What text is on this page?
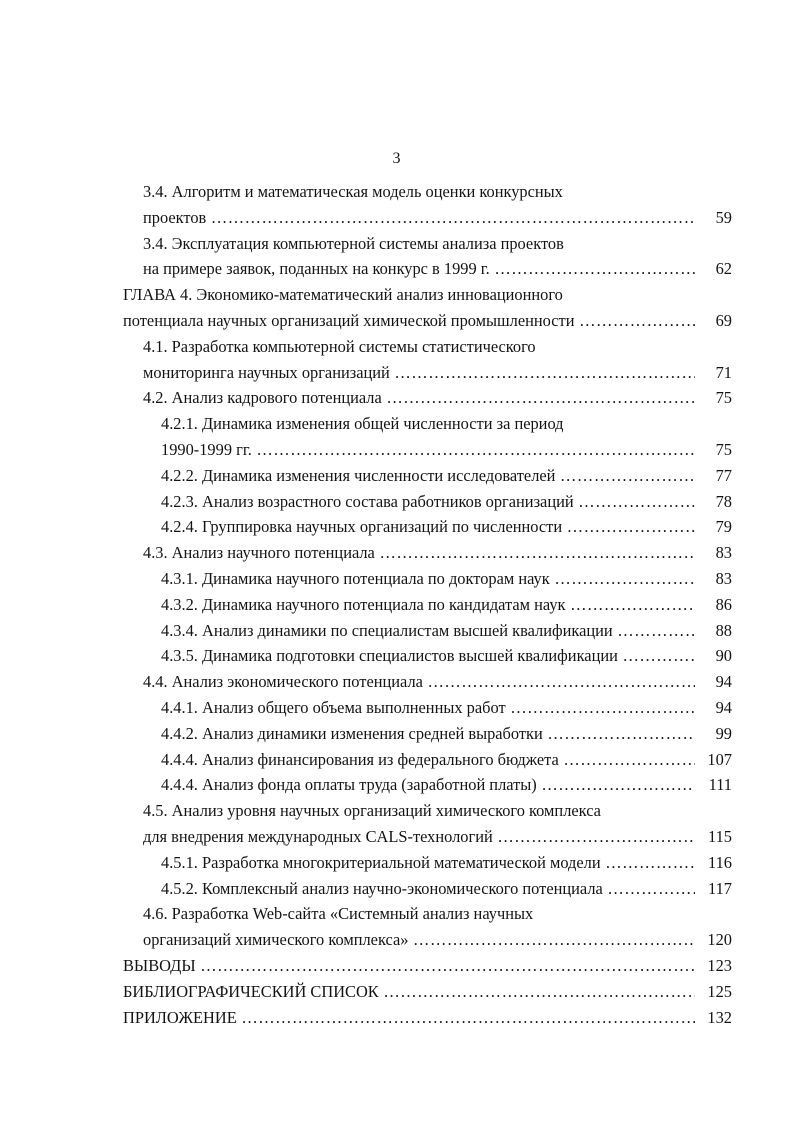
3
3.4. Алгоритм и математическая модель оценки конкурсных
проектов …………………………………………………………………………………………………………………………………………	59
3.4. Эксплуатация компьютерной системы анализа проектов
на примере заявок, поданных на конкурс в 1999 г. …………………………………………………………………………………………………………………………………………	62
ГЛАВА 4. Экономико-математический анализ инновационного
потенциала научных организаций химической промышленности …………………………………………………………………………………………………………………………………………	69
4.1. Разработка компьютерной системы статистического
мониторинга научных организаций …………………………………………………………………………………………………………………………………………	71
4.2. Анализ кадрового потенциала …………………………………………………………………………………………………………………………………………	75
4.2.1. Динамика изменения общей численности за период
1990-1999 гг. …………………………………………………………………………………………………………………………………………	75
4.2.2. Динамика изменения численности исследователей …………………………………………………………………………………………………………………………………………	77
4.2.3. Анализ возрастного состава работников организаций …………………………………………………………………………………………………………………………………………	78
4.2.4. Группировка научных организаций по численности …………………………………………………………………………………………………………………………………………	79
4.3. Анализ научного потенциала …………………………………………………………………………………………………………………………………………	83
4.3.1. Динамика научного потенциала по докторам наук …………………………………………………………………………………………………………………………………………	83
4.3.2. Динамика научного потенциала по кандидатам наук …………………………………………………………………………………………………………………………………………	86
4.3.4. Анализ динамики по специалистам высшей квалификации …………………………………………………………………………………………………………………………………………	88
4.3.5. Динамика подготовки специалистов высшей квалификации …………………………………………………………………………………………………………………………………………	90
4.4. Анализ экономического потенциала …………………………………………………………………………………………………………………………………………	94
4.4.1. Анализ общего объема выполненных работ …………………………………………………………………………………………………………………………………………	94
4.4.2. Анализ динамики изменения средней выработки …………………………………………………………………………………………………………………………………………	99
4.4.4. Анализ финансирования из федерального бюджета …………………………………………………………………………………………………………………………………………	107
4.4.4. Анализ фонда оплаты труда (заработной платы) …………………………………………………………………………………………………………………………………………	111
4.5. Анализ уровня научных организаций химического комплекса
для внедрения международных CALS-технологий …………………………………………………………………………………………………………………………………………	115
4.5.1. Разработка многокритериальной математической модели …………………………………………………………………………………………………………………………………………	116
4.5.2. Комплексный анализ научно-экономического потенциала …………………………………………………………………………………………………………………………………………	117
4.6. Разработка Web-сайта «Системный анализ научных
организаций химического комплекса» …………………………………………………………………………………………………………………………………………	120
ВЫВОДЫ …………………………………………………………………………………………………………………………………………	123
БИБЛИОГРАФИЧЕСКИЙ СПИСОК …………………………………………………………………………………………………………………………………………	125
ПРИЛОЖЕНИЕ …………………………………………………………………………………………………………………………………………	132
